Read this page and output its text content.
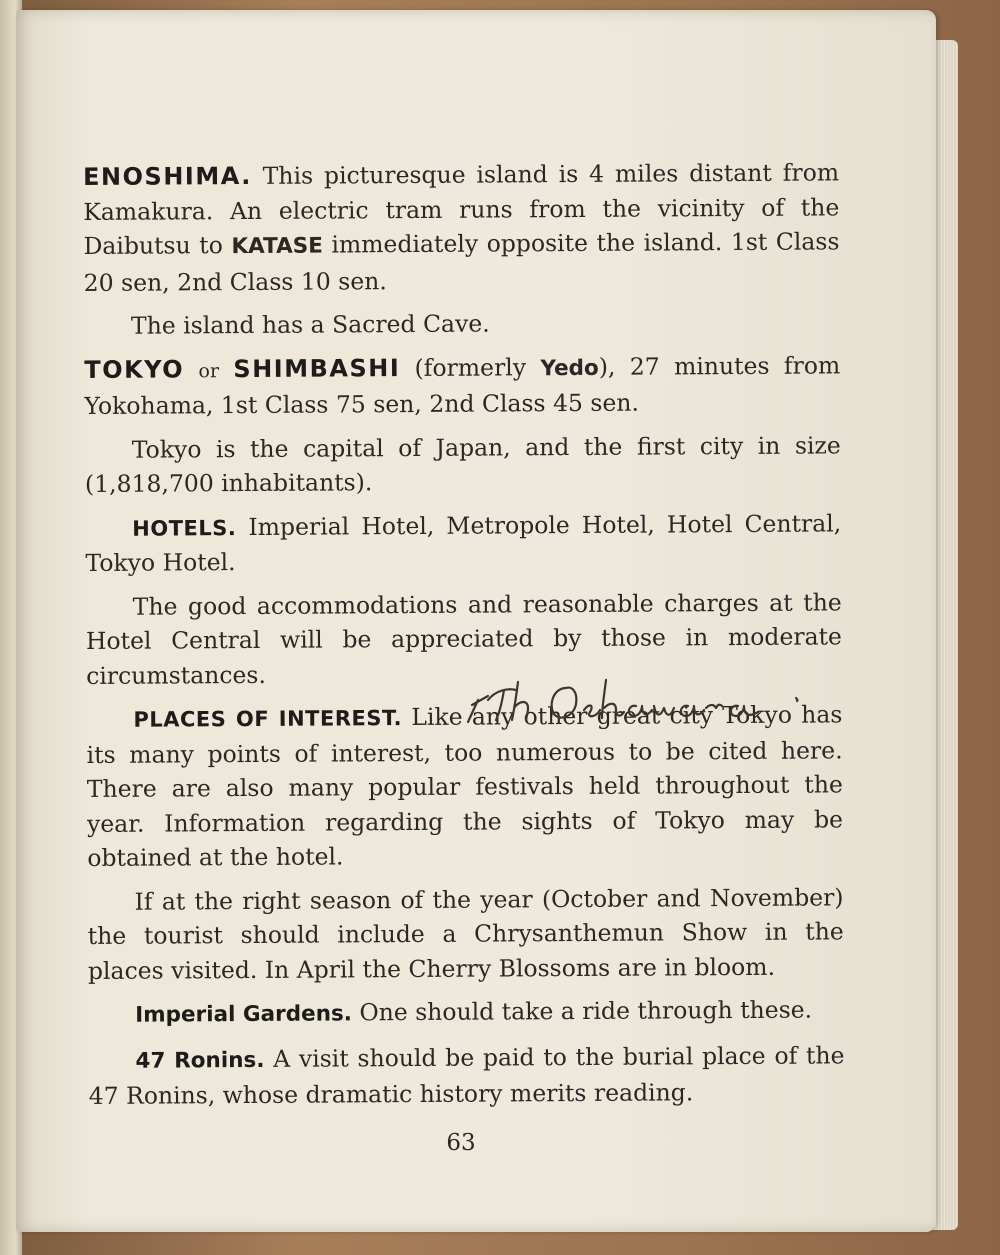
ENOSHIMA. This picturesque island is 4 miles distant from Kamakura. An electric tram runs from the vicinity of the Daibutsu to KATASE immediately opposite the island. 1st Class 20 sen, 2nd Class 10 sen.

The island has a Sacred Cave.

TOKYO or SHIMBASHI (formerly Yedo), 27 minutes from Yokohama, 1st Class 75 sen, 2nd Class 45 sen.

Tokyo is the capital of Japan, and the first city in size (1,818,700 inhabitants).

HOTELS. Imperial Hotel, Metropole Hotel, Hotel Central, Tokyo Hotel.

The good accommodations and reasonable charges at the Hotel Central will be appreciated by those in moderate circumstances.

PLACES OF INTEREST. Like any other great city Tokyo has its many points of interest, too numerous to be cited here. There are also many popular festivals held throughout the year. Information regarding the sights of Tokyo may be obtained at the hotel.

If at the right season of the year (October and November) the tourist should include a Chrysanthemun Show in the places visited. In April the Cherry Blossoms are in bloom.

Imperial Gardens. One should take a ride through these.

47 Ronins. A visit should be paid to the burial place of the 47 Ronins, whose dramatic history merits reading.

63
